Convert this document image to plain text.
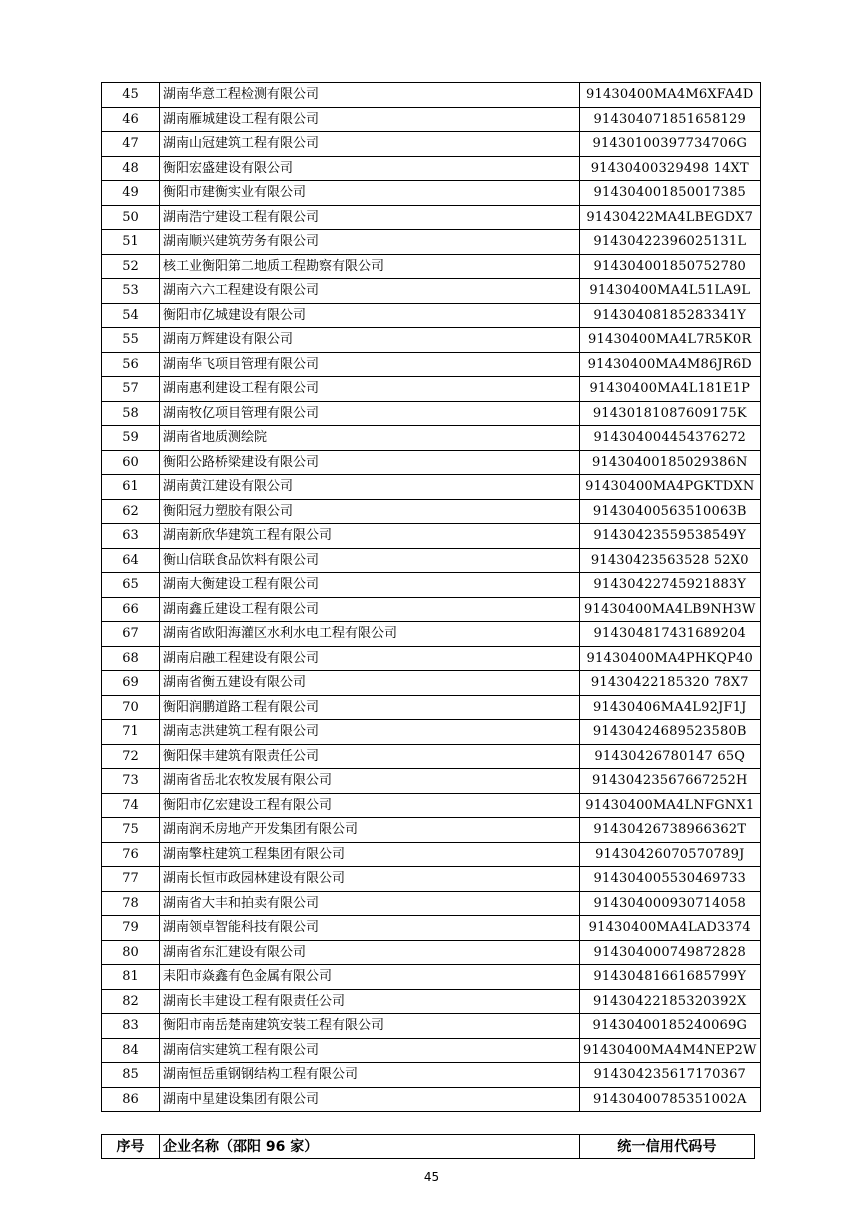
45	湖南华意工程检测有限公司	91430400MA4M6XFA4D
46	湖南雁城建设工程有限公司	914304071851658129
47	湖南山冠建筑工程有限公司	91430100397734706G
48	衡阳宏盛建设有限公司	91430400329498 14XT
49	衡阳市建衡实业有限公司	914304001850017385
50	湖南浩宁建设工程有限公司	91430422MA4LBEGDX7
51	湖南顺兴建筑劳务有限公司	91430422396025131L
52	核工业衡阳第二地质工程勘察有限公司	914304001850752780
53	湖南六六工程建设有限公司	91430400MA4L51LA9L
54	衡阳市亿城建设有限公司	91430408185283341Y
55	湖南万辉建设有限公司	91430400MA4L7R5K0R
56	湖南华飞项目管理有限公司	91430400MA4M86JR6D
57	湖南惠利建设工程有限公司	91430400MA4L181E1P
58	湖南牧亿项目管理有限公司	91430181087609175K
59	湖南省地质测绘院	914304004454376272
60	衡阳公路桥梁建设有限公司	91430400185029386N
61	湖南黄江建设有限公司	91430400MA4PGKTDXN
62	衡阳冠力塑胶有限公司	91430400563510063B
63	湖南新欣华建筑工程有限公司	91430423559538549Y
64	衡山信联食品饮料有限公司	91430423563528 52X0
65	湖南大衡建设工程有限公司	91430422745921883Y
66	湖南鑫丘建设工程有限公司	91430400MA4LB9NH3W
67	湖南省欧阳海灌区水利水电工程有限公司	914304817431689204
68	湖南启融工程建设有限公司	91430400MA4PHKQP40
69	湖南省衡五建设有限公司	91430422185320 78X7
70	衡阳润鹏道路工程有限公司	91430406MA4L92JF1J
71	湖南志洪建筑工程有限公司	91430424689523580B
72	衡阳保丰建筑有限责任公司	91430426780147 65Q
73	湖南省岳北农牧发展有限公司	91430423567667252H
74	衡阳市亿宏建设工程有限公司	91430400MA4LNFGNX1
75	湖南润禾房地产开发集团有限公司	91430426738966362T
76	湖南擎柱建筑工程集团有限公司	91430426070570789J
77	湖南长恒市政园林建设有限公司	914304005530469733
78	湖南省大丰和拍卖有限公司	914304000930714058
79	湖南领卓智能科技有限公司	91430400MA4LAD3374
80	湖南省东汇建设有限公司	914304000749872828
81	耒阳市焱鑫有色金属有限公司	91430481661685799Y
82	湖南长丰建设工程有限责任公司	91430422185320392X
83	衡阳市南岳楚南建筑安装工程有限公司	91430400185240069G
84	湖南信实建筑工程有限公司	91430400MA4M4NEP2W
85	湖南恒岳重钢钢结构工程有限公司	914304235617170367
86	湖南中星建设集团有限公司	91430400785351002A
序号	企业名称（邵阳 96 家）	统一信用代码号
45
